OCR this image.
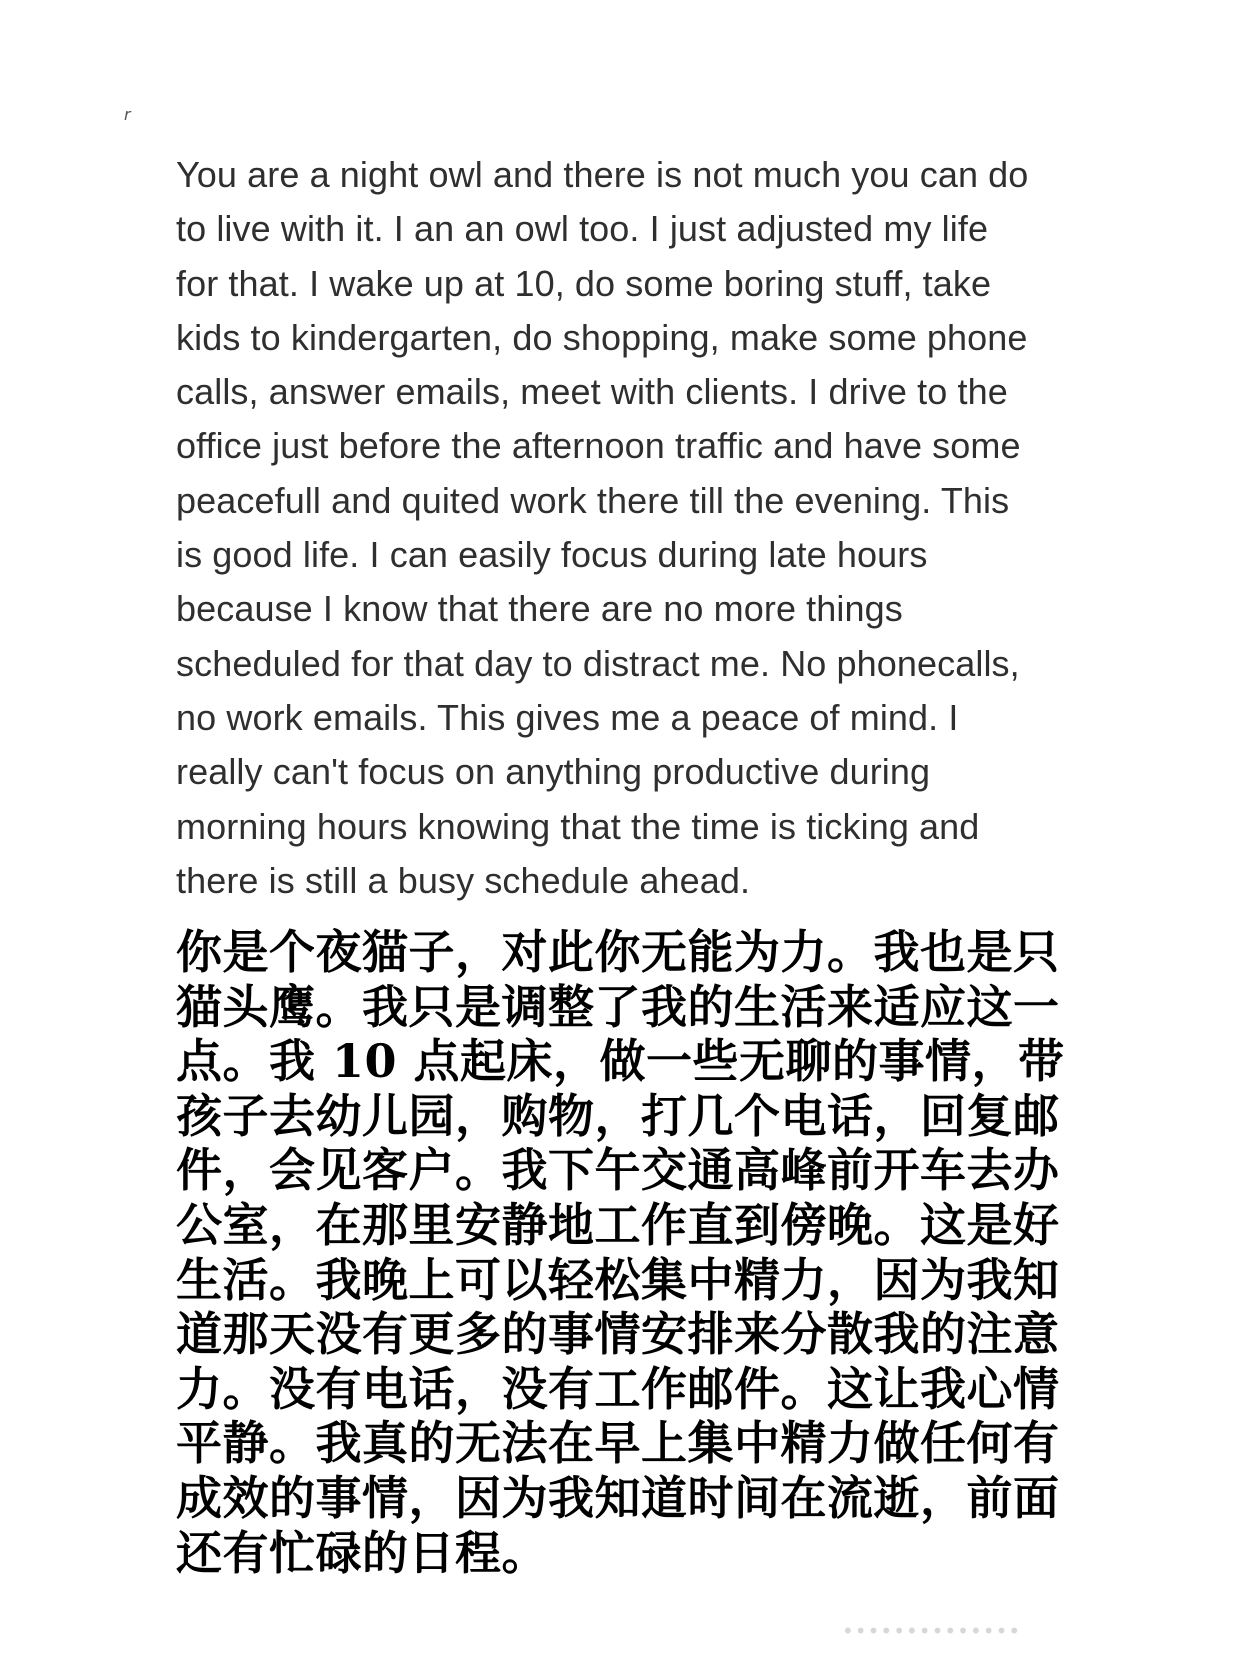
r
You are a night owl and there is not much you can do
to live with it. I an an owl too. I just adjusted my life
for that. I wake up at 10, do some boring stuff, take
kids to kindergarten, do shopping, make some phone
calls, answer emails, meet with clients. I drive to the
office just before the afternoon traffic and have some
peacefull and quited work there till the evening. This
is good life. I can easily focus during late hours
because I know that there are no more things
scheduled for that day to distract me. No phonecalls,
no work emails. This gives me a peace of mind. I
really can't focus on anything productive during
morning hours knowing that the time is ticking and
there is still a busy schedule ahead.
你是个夜猫子，对此你无能为力。我也是只
猫头鹰。我只是调整了我的生活来适应这一
点。我 10 点起床，做一些无聊的事情，带
孩子去幼儿园，购物，打几个电话，回复邮
件，会见客户。我下午交通高峰前开车去办
公室，在那里安静地工作直到傍晚。这是好
生活。我晚上可以轻松集中精力，因为我知
道那天没有更多的事情安排来分散我的注意
力。没有电话，没有工作邮件。这让我心情
平静。我真的无法在早上集中精力做任何有
成效的事情，因为我知道时间在流逝，前面
还有忙碌的日程。
••••••••••••••
